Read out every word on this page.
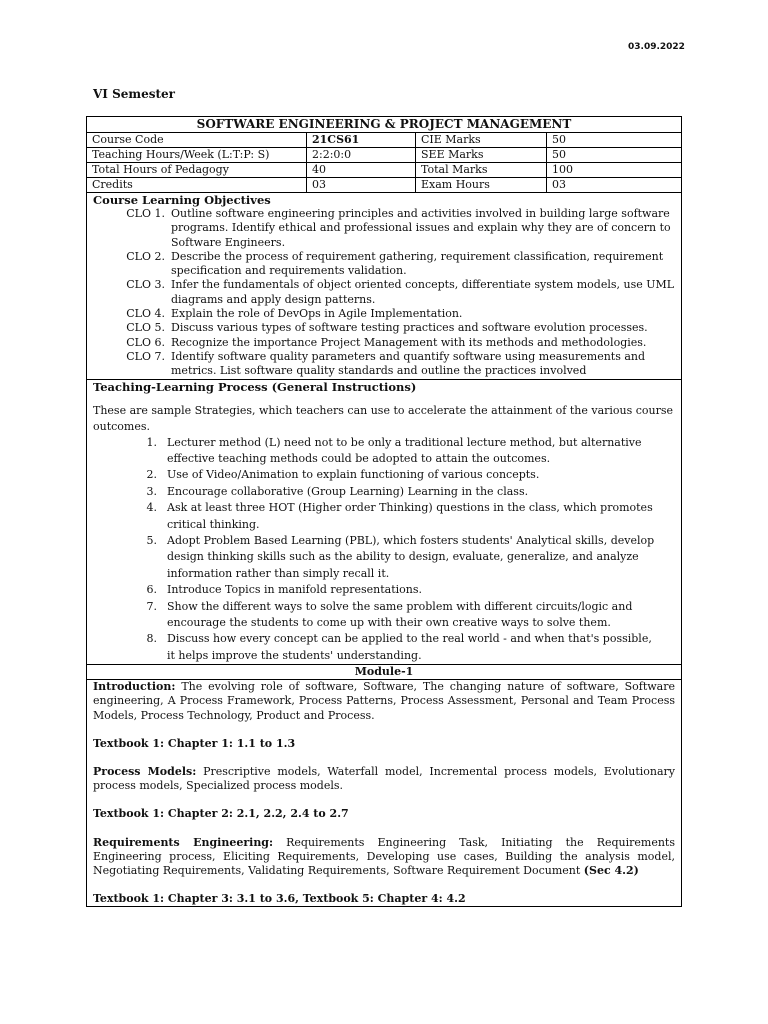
03.09.2022
VI Semester
SOFTWARE ENGINEERING & PROJECT MANAGEMENT
Course Code	21CS61	CIE Marks	50
Teaching Hours/Week (L:T:P: S)	2:2:0:0	SEE Marks	50
Total Hours of Pedagogy	40	Total Marks	100
Credits	03	Exam Hours	03
Course Learning Objectives
CLO 1. Outline software engineering principles and activities involved in building large software programs. Identify ethical and professional issues and explain why they are of concern to Software Engineers.
CLO 2. Describe the process of requirement gathering, requirement classification, requirement specification and requirements validation.
CLO 3. Infer the fundamentals of object oriented concepts, differentiate system models, use UML diagrams and apply design patterns.
CLO 4. Explain the role of DevOps in Agile Implementation.
CLO 5. Discuss various types of software testing practices and software evolution processes.
CLO 6. Recognize the importance Project Management with its methods and methodologies.
CLO 7. Identify software quality parameters and quantify software using measurements and metrics. List software quality standards and outline the practices involved
Teaching-Learning Process (General Instructions)
These are sample Strategies, which teachers can use to accelerate the attainment of the various course outcomes.
1. Lecturer method (L) need not to be only a traditional lecture method, but alternative effective teaching methods could be adopted to attain the outcomes.
2. Use of Video/Animation to explain functioning of various concepts.
3. Encourage collaborative (Group Learning) Learning in the class.
4. Ask at least three HOT (Higher order Thinking) questions in the class, which promotes critical thinking.
5. Adopt Problem Based Learning (PBL), which fosters students' Analytical skills, develop design thinking skills such as the ability to design, evaluate, generalize, and analyze information rather than simply recall it.
6. Introduce Topics in manifold representations.
7. Show the different ways to solve the same problem with different circuits/logic and encourage the students to come up with their own creative ways to solve them.
8. Discuss how every concept can be applied to the real world - and when that's possible, it helps improve the students' understanding.
Module-1

Introduction: The evolving role of software, Software, The changing nature of software, Software engineering, A Process Framework, Process Patterns, Process Assessment, Personal and Team Process Models, Process Technology, Product and Process.

Textbook 1: Chapter 1: 1.1 to 1.3

Process Models: Prescriptive models, Waterfall model, Incremental process models, Evolutionary process models, Specialized process models.

Textbook 1: Chapter 2: 2.1, 2.2, 2.4 to 2.7

Requirements Engineering: Requirements Engineering Task, Initiating the Requirements Engineering process, Eliciting Requirements, Developing use cases, Building the analysis model, Negotiating Requirements, Validating Requirements, Software Requirement Document (Sec 4.2)

Textbook 1: Chapter 3: 3.1 to 3.6, Textbook 5: Chapter 4: 4.2
